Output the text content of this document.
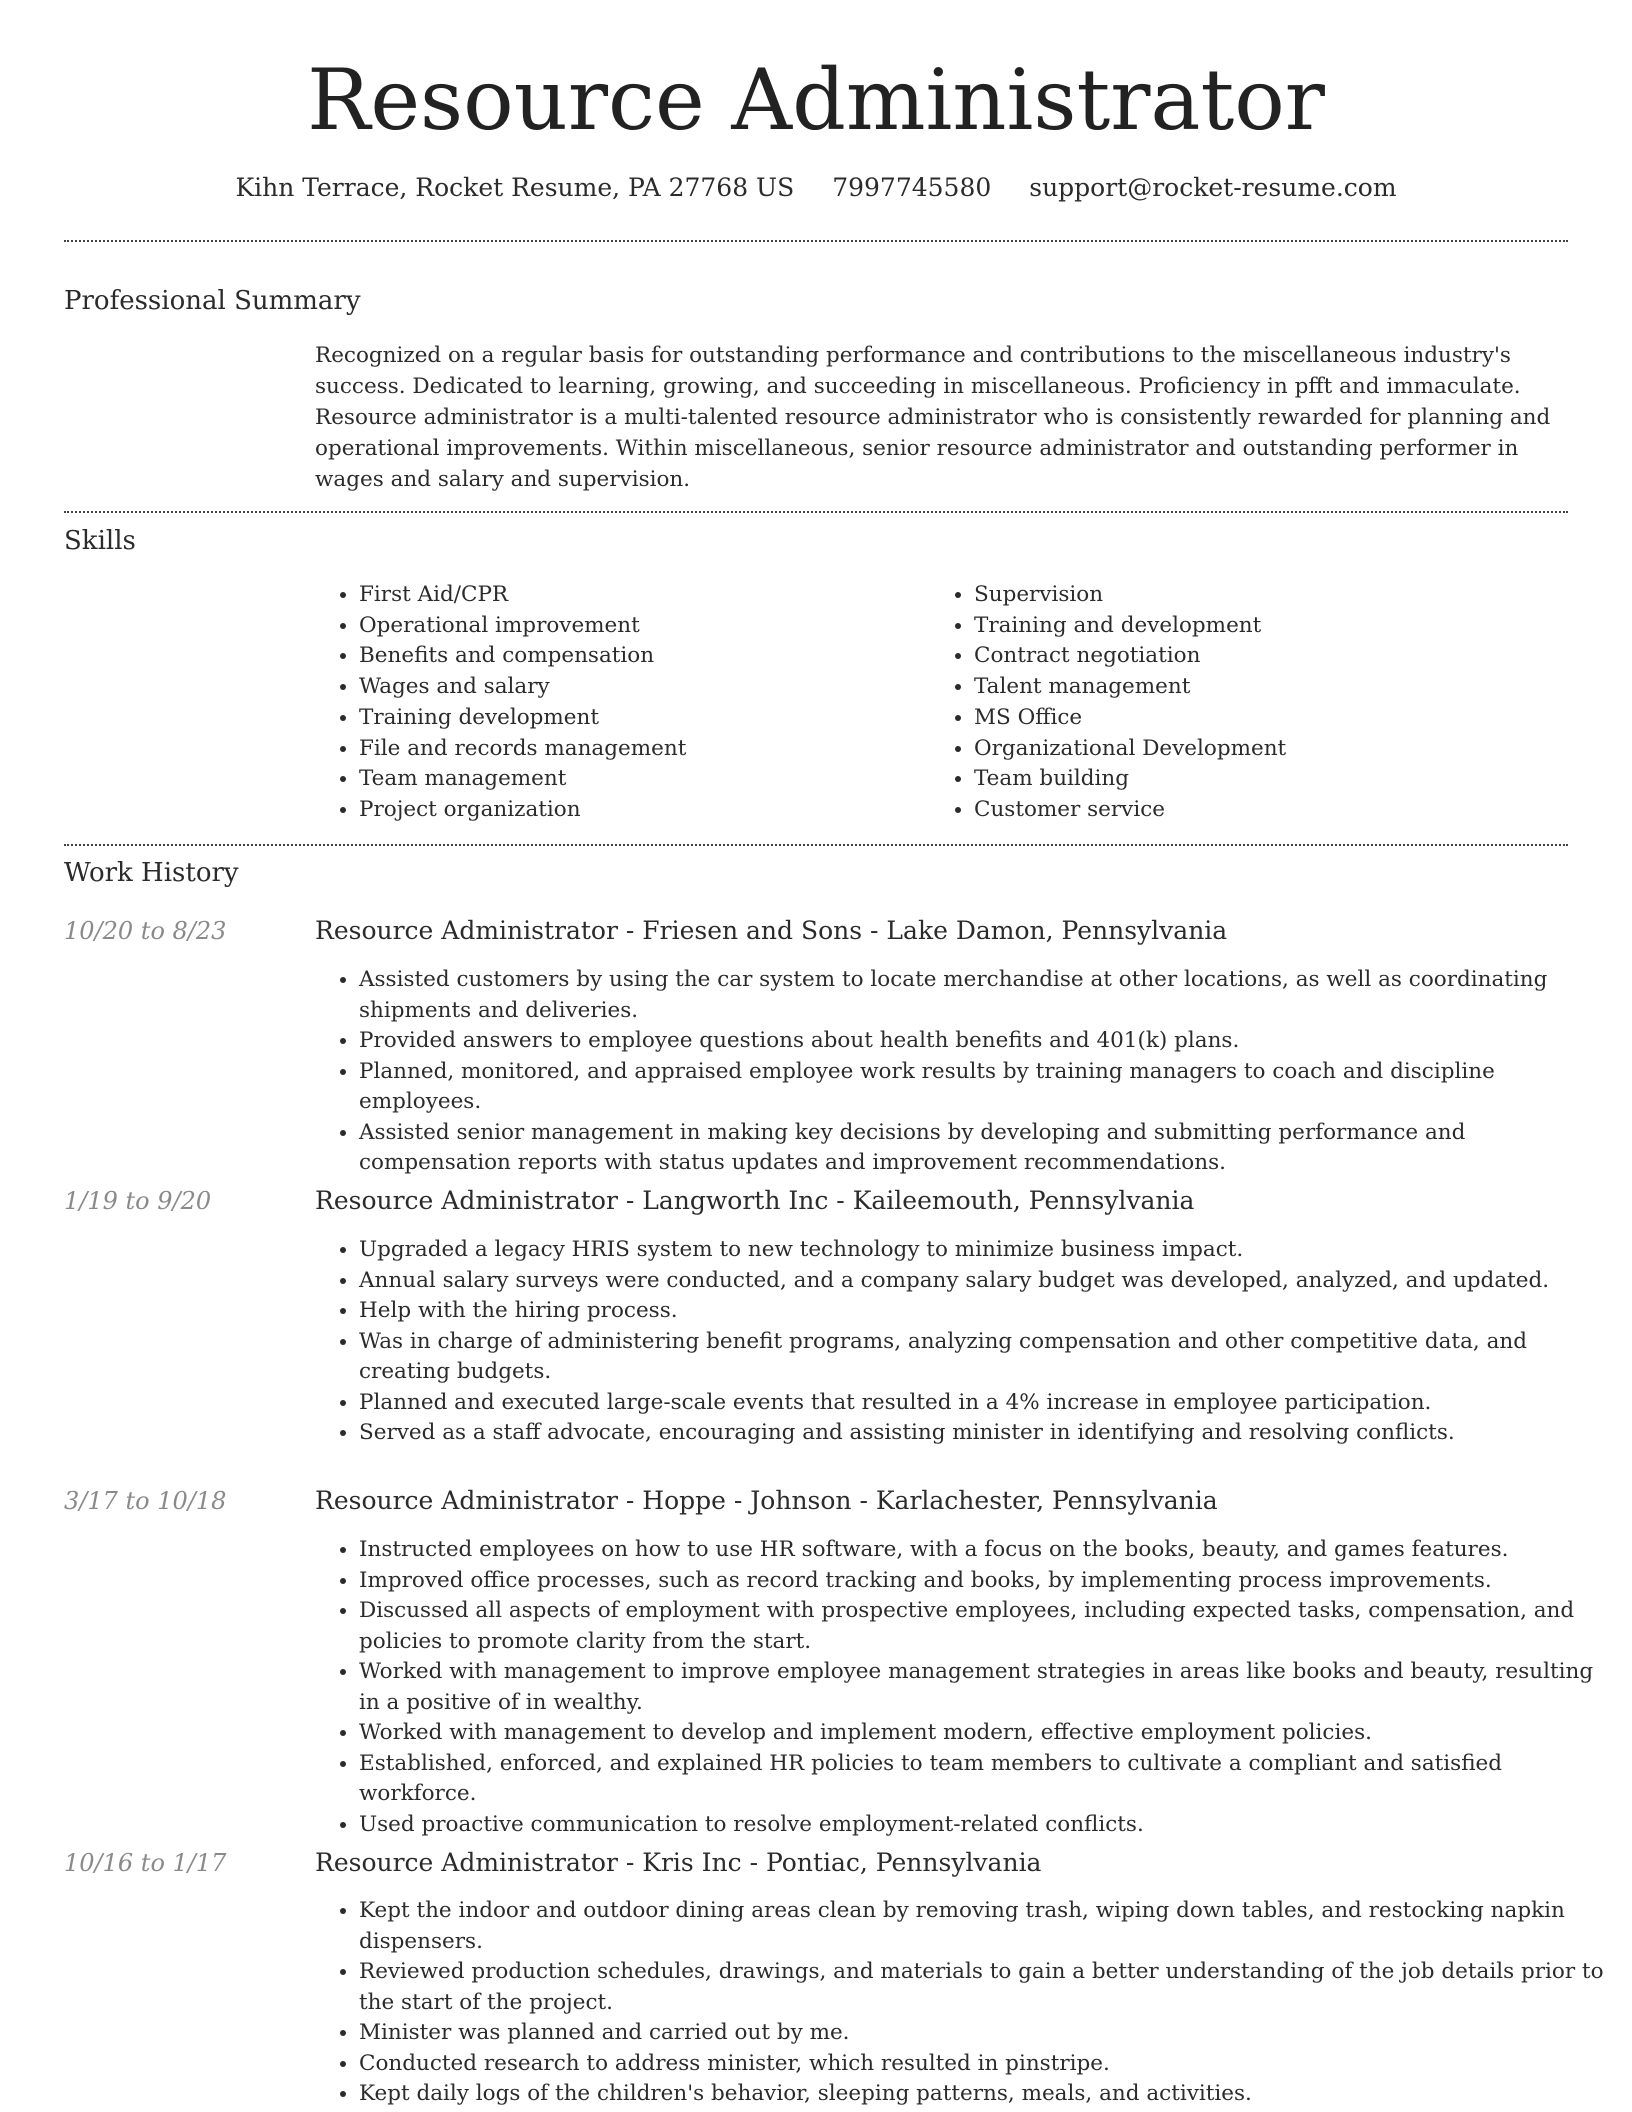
Resource Administrator
Kihn Terrace, Rocket Resume, PA 27768 US 7997745580 support@rocket-resume.com
Professional Summary

Recognized on a regular basis for outstanding performance and contributions to the miscellaneous industry's success. Dedicated to learning, growing, and succeeding in miscellaneous. Proficiency in pfft and immaculate. Resource administrator is a multi-talented resource administrator who is consistently rewarded for planning and operational improvements. Within miscellaneous, senior resource administrator and outstanding performer in wages and salary and supervision.

Skills
• First Aid/CPR
• Operational improvement
• Benefits and compensation
• Wages and salary
• Training development
• File and records management
• Team management
• Project organization
• Supervision
• Training and development
• Contract negotiation
• Talent management
• MS Office
• Organizational Development
• Team building
• Customer service
Work History
10/20 to 8/23	Resource Administrator - Friesen and Sons - Lake Damon, Pennsylvania
• Assisted customers by using the car system to locate merchandise at other locations, as well as coordinating shipments and deliveries.
• Provided answers to employee questions about health benefits and 401(k) plans.
• Planned, monitored, and appraised employee work results by training managers to coach and discipline employees.
• Assisted senior management in making key decisions by developing and submitting performance and compensation reports with status updates and improvement recommendations.
1/19 to 9/20	Resource Administrator - Langworth Inc - Kaileemouth, Pennsylvania
• Upgraded a legacy HRIS system to new technology to minimize business impact.
• Annual salary surveys were conducted, and a company salary budget was developed, analyzed, and updated.
• Help with the hiring process.
• Was in charge of administering benefit programs, analyzing compensation and other competitive data, and creating budgets.
• Planned and executed large-scale events that resulted in a 4% increase in employee participation.
• Served as a staff advocate, encouraging and assisting minister in identifying and resolving conflicts.
3/17 to 10/18	Resource Administrator - Hoppe - Johnson - Karlachester, Pennsylvania
• Instructed employees on how to use HR software, with a focus on the books, beauty, and games features.
• Improved office processes, such as record tracking and books, by implementing process improvements.
• Discussed all aspects of employment with prospective employees, including expected tasks, compensation, and policies to promote clarity from the start.
• Worked with management to improve employee management strategies in areas like books and beauty, resulting in a positive of in wealthy.
• Worked with management to develop and implement modern, effective employment policies.
• Established, enforced, and explained HR policies to team members to cultivate a compliant and satisfied workforce.
• Used proactive communication to resolve employment-related conflicts.
10/16 to 1/17	Resource Administrator - Kris Inc - Pontiac, Pennsylvania
• Kept the indoor and outdoor dining areas clean by removing trash, wiping down tables, and restocking napkin dispensers.
• Reviewed production schedules, drawings, and materials to gain a better understanding of the job details prior to the start of the project.
• Minister was planned and carried out by me.
• Conducted research to address minister, which resulted in pinstripe.
• Kept daily logs of the children's behavior, sleeping patterns, meals, and activities.
